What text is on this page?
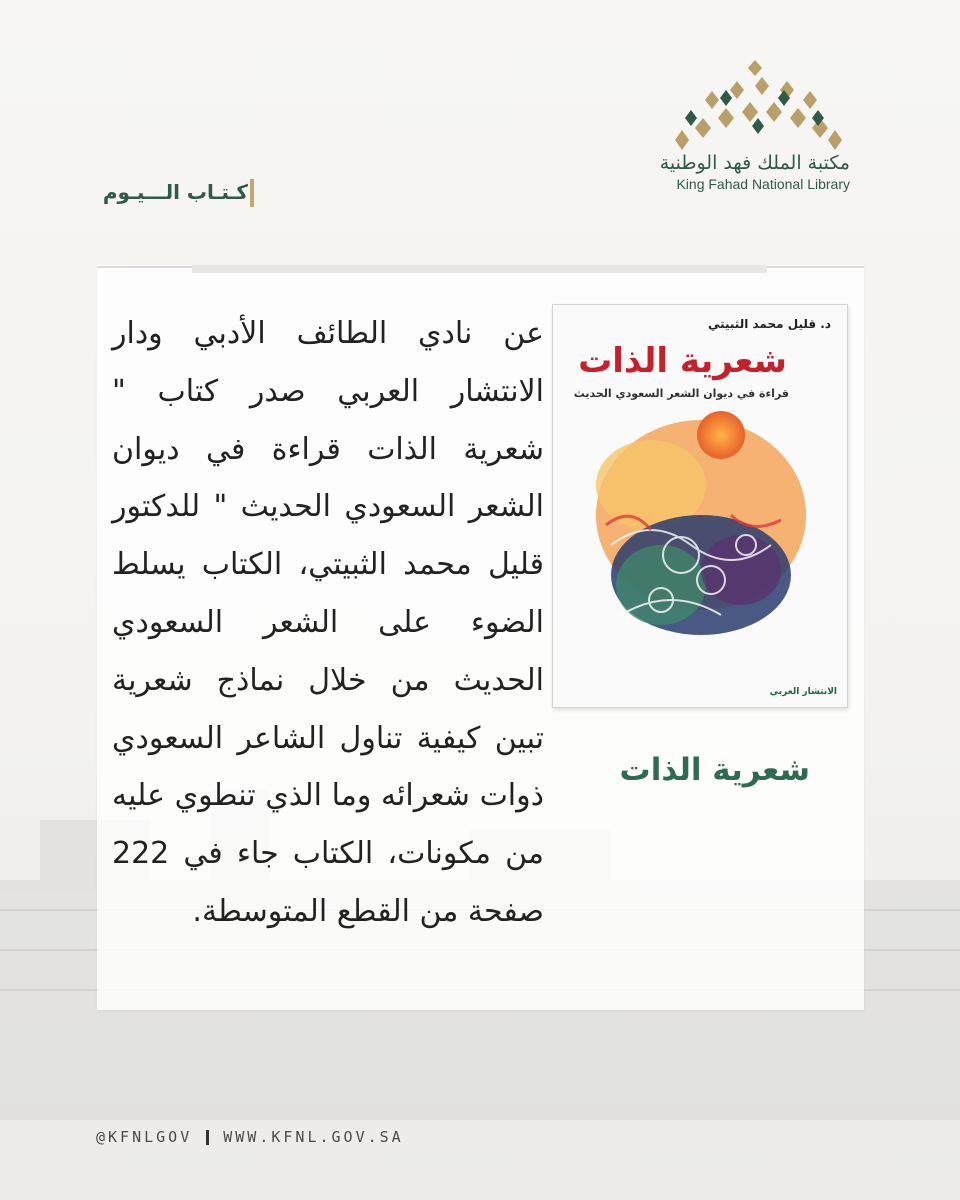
مكتبة الملك فهد الوطنية
King Fahad National Library
كـتـاب الـــيـوم
عن نادي الطائف الأدبي ودار الانتشار العربي صدر كتاب " شعرية الذات قراءة في ديوان الشعر السعودي الحديث " للدكتور قليل محمد الثبيتي، الكتاب يسلط الضوء على الشعر السعودي الحديث من خلال نماذج شعرية تبين كيفية تناول الشاعر السعودي ذوات شعرائه وما الذي تنطوي عليه من مكونات، الكتاب جاء في 222 صفحة من القطع المتوسطة.
د. قليل محمد الثبيتي
شعرية الذات
قراءة في ديوان الشعر السعودي الحديث
الانتشار العربي
شعرية الذات
@KFNLGOV WWW.KFNL.GOV.SA
